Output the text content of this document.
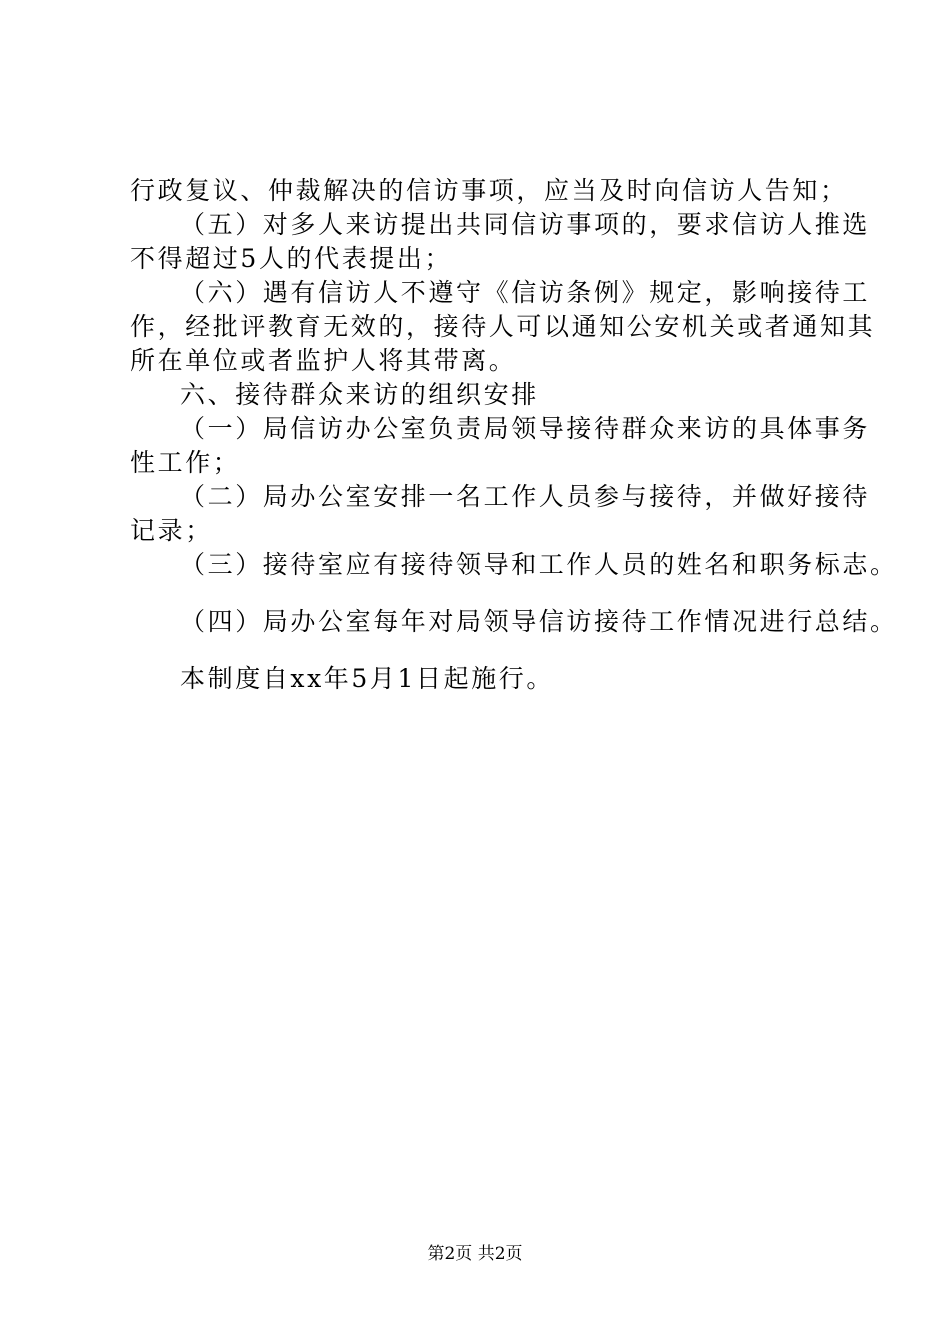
行政复议、仲裁解决的信访事项，应当及时向信访人告知；
（五）对多人来访提出共同信访事项的，要求信访人推选
不得超过5人的代表提出；
（六）遇有信访人不遵守《信访条例》规定，影响接待工
作，经批评教育无效的，接待人可以通知公安机关或者通知其
所在单位或者监护人将其带离。
六、接待群众来访的组织安排
（一）局信访办公室负责局领导接待群众来访的具体事务
性工作；
（二）局办公室安排一名工作人员参与接待，并做好接待
记录；
（三）接待室应有接待领导和工作人员的姓名和职务标志。
（四）局办公室每年对局领导信访接待工作情况进行总结。
本制度自xx年5月1日起施行。
第2页 共2页
